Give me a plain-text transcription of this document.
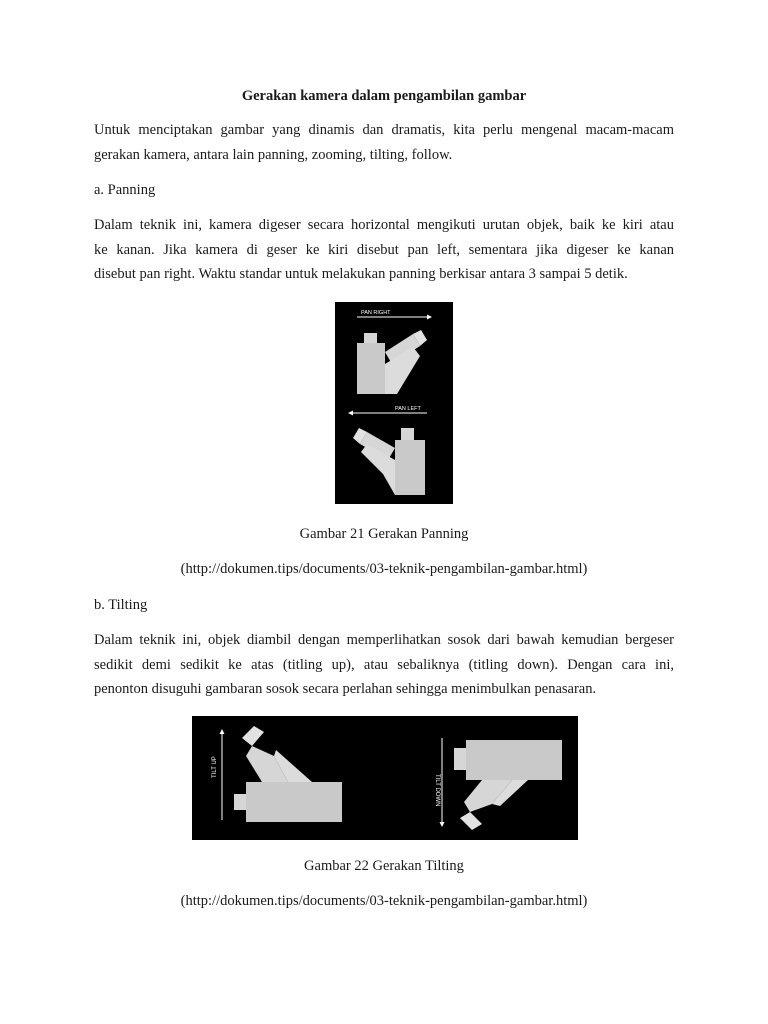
Gerakan kamera dalam pengambilan gambar

Untuk menciptakan gambar yang dinamis dan dramatis, kita perlu mengenal macam-macam
gerakan kamera, antara lain panning, zooming, tilting, follow.

a. Panning

Dalam teknik ini, kamera digeser secara horizontal mengikuti urutan objek, baik ke kiri atau
ke kanan. Jika kamera di geser ke kiri disebut pan left, sementara jika digeser ke kanan
disebut pan right. Waktu standar untuk melakukan panning berkisar antara 3 sampai 5 detik.

PAN RIGHT
PAN LEFT
Gambar 21 Gerakan Panning
(http://dokumen.tips/documents/03-teknik-pengambilan-gambar.html)
b. Tilting

Dalam teknik ini, objek diambil dengan memperlihatkan sosok dari bawah kemudian bergeser
sedikit demi sedikit ke atas (titling up), atau sebaliknya (titling down). Dengan cara ini,
penonton disuguhi gambaran sosok secara perlahan sehingga menimbulkan penasaran.

TILT UP
TILT DOWN
Gambar 22 Gerakan Tilting
(http://dokumen.tips/documents/03-teknik-pengambilan-gambar.html)
